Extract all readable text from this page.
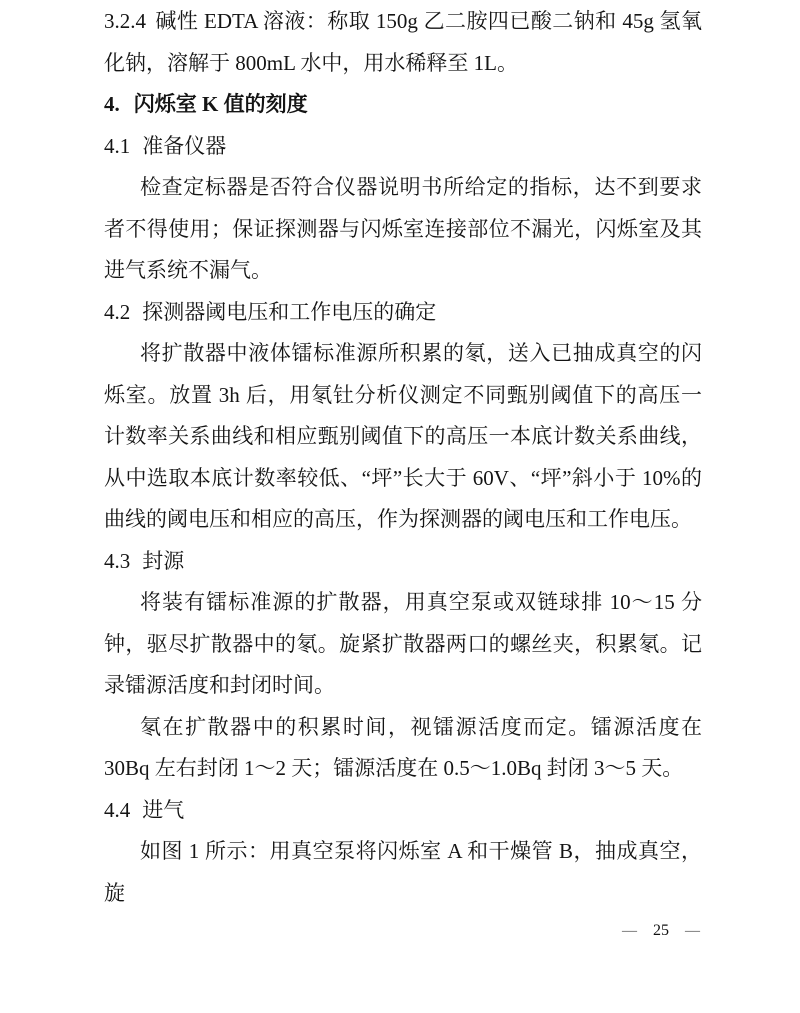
3.2.4 碱性 EDTA 溶液：称取 150g 乙二胺四已酸二钠和 45g 氢氧化钠，溶解于 800mL 水中，用水稀释至 1L。

4. 闪烁室 K 值的刻度

4.1 准备仪器

检查定标器是否符合仪器说明书所给定的指标，达不到要求者不得使用；保证探测器与闪烁室连接部位不漏光，闪烁室及其进气系统不漏气。

4.2 探测器阈电压和工作电压的确定

将扩散器中液体镭标准源所积累的氡，送入已抽成真空的闪烁室。放置 3h 后，用氡钍分析仪测定不同甄别阈值下的高压一计数率关系曲线和相应甄别阈值下的高压一本底计数关系曲线，从中选取本底计数率较低、“坪”长大于 60V、“坪”斜小于 10%的曲线的阈电压和相应的高压，作为探测器的阈电压和工作电压。

4.3 封源

将装有镭标准源的扩散器，用真空泵或双链球排 10～15 分钟，驱尽扩散器中的氡。旋紧扩散器两口的螺丝夹，积累氡。记录镭源活度和封闭时间。

氡在扩散器中的积累时间，视镭源活度而定。镭源活度在 30Bq 左右封闭 1～2 天；镭源活度在 0.5～1.0Bq 封闭 3～5 天。

4.4 进气

如图 1 所示：用真空泵将闪烁室 A 和干燥管 B，抽成真空，旋

— 25 —
